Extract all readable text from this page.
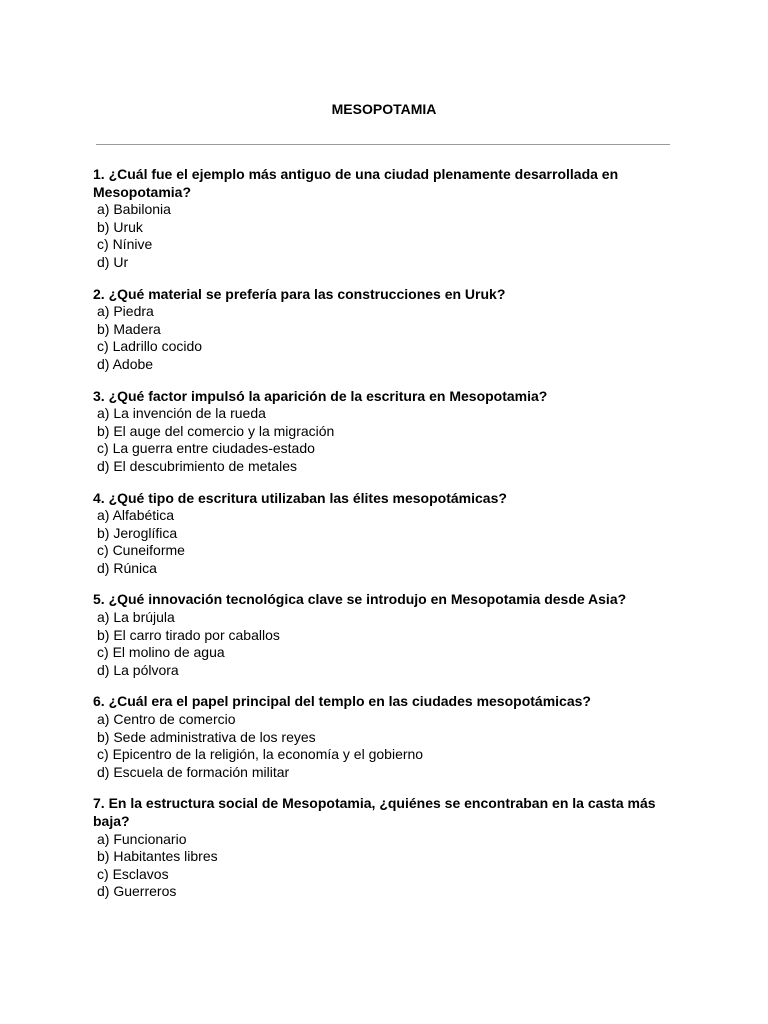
MESOPOTAMIA

1. ¿Cuál fue el ejemplo más antiguo de una ciudad plenamente desarrollada en Mesopotamia?

a) Babilonia

b) Uruk

c) Nínive

d) Ur

2. ¿Qué material se prefería para las construcciones en Uruk?

a) Piedra

b) Madera

c) Ladrillo cocido

d) Adobe

3. ¿Qué factor impulsó la aparición de la escritura en Mesopotamia?

a) La invención de la rueda

b) El auge del comercio y la migración

c) La guerra entre ciudades-estado

d) El descubrimiento de metales

4. ¿Qué tipo de escritura utilizaban las élites mesopotámicas?

a) Alfabética

b) Jeroglífica

c) Cuneiforme

d) Rúnica

5. ¿Qué innovación tecnológica clave se introdujo en Mesopotamia desde Asia?

a) La brújula

b) El carro tirado por caballos

c) El molino de agua

d) La pólvora

6. ¿Cuál era el papel principal del templo en las ciudades mesopotámicas?

a) Centro de comercio

b) Sede administrativa de los reyes

c) Epicentro de la religión, la economía y el gobierno

d) Escuela de formación militar

7. En la estructura social de Mesopotamia, ¿quiénes se encontraban en la casta más baja?

a) Funcionario

b) Habitantes libres

c) Esclavos

d) Guerreros
